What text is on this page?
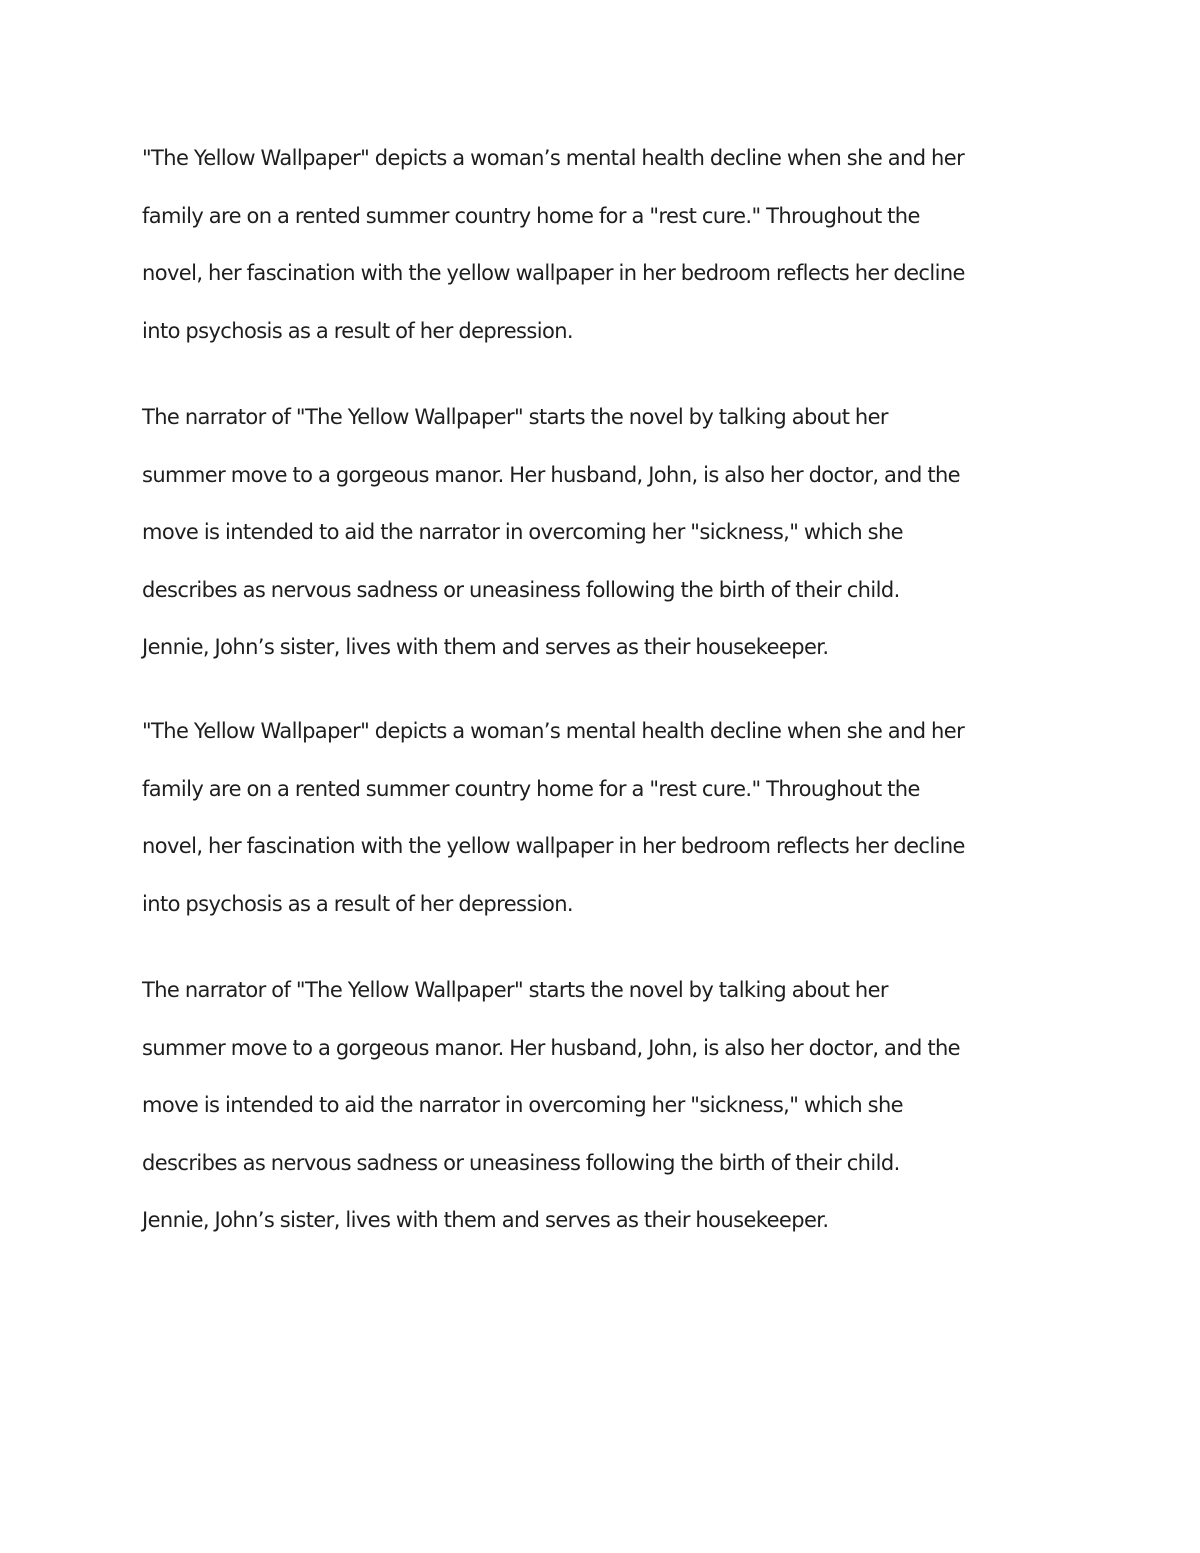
"The Yellow Wallpaper" depicts a woman’s mental health decline when she and her
family are on a rented summer country home for a "rest cure." Throughout the
novel, her fascination with the yellow wallpaper in her bedroom reflects her decline
into psychosis as a result of her depression.

The narrator of "The Yellow Wallpaper" starts the novel by talking about her
summer move to a gorgeous manor. Her husband, John, is also her doctor, and the
move is intended to aid the narrator in overcoming her "sickness," which she
describes as nervous sadness or uneasiness following the birth of their child.
Jennie, John’s sister, lives with them and serves as their housekeeper.

"The Yellow Wallpaper" depicts a woman’s mental health decline when she and her
family are on a rented summer country home for a "rest cure." Throughout the
novel, her fascination with the yellow wallpaper in her bedroom reflects her decline
into psychosis as a result of her depression.

The narrator of "The Yellow Wallpaper" starts the novel by talking about her
summer move to a gorgeous manor. Her husband, John, is also her doctor, and the
move is intended to aid the narrator in overcoming her "sickness," which she
describes as nervous sadness or uneasiness following the birth of their child.
Jennie, John’s sister, lives with them and serves as their housekeeper.
